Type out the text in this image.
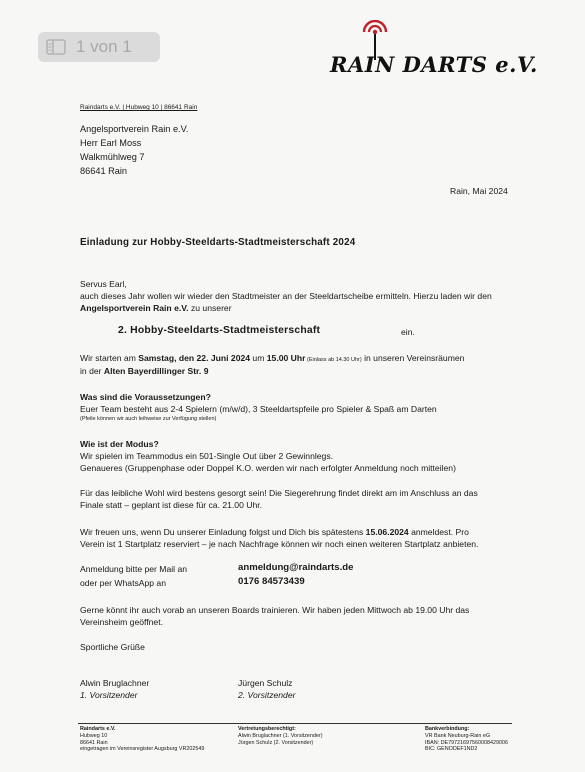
1 von 1
RAIN DARTS e.V.
Raindarts e.V. | Hubweg 10 | 86641 Rain
Angelsportverein Rain e.V.
Herr Earl Moss
Walkmühlweg 7
86641 Rain
Rain, Mai 2024
Einladung zur Hobby-Steeldarts-Stadtmeisterschaft 2024
Servus Earl,
auch dieses Jahr wollen wir wieder den Stadtmeister an der Steeldartscheibe ermitteln. Hierzu laden wir den
Angelsportverein Rain e.V. zu unserer
2. Hobby-Steeldarts-Stadtmeisterschaft	ein.
Wir starten am Samstag, den 22. Juni 2024 um 15.00 Uhr (Einlass ab 14.30 Uhr) in unseren Vereinsräumen
in der Alten Bayerdillinger Str. 9
Was sind die Voraussetzungen?
Euer Team besteht aus 2-4 Spielern (m/w/d), 3 Steeldartspfeile pro Spieler & Spaß am Darten
(Pfeile können wir auch leihweise zur Verfügung stellen)
Wie ist der Modus?
Wir spielen im Teammodus ein 501-Single Out über 2 Gewinnlegs.
Genaueres (Gruppenphase oder Doppel K.O. werden wir nach erfolgter Anmeldung noch mitteilen)
Für das leibliche Wohl wird bestens gesorgt sein! Die Siegerehrung findet direkt am im Anschluss an das
Finale statt – geplant ist diese für ca. 21.00 Uhr.
Wir freuen uns, wenn Du unserer Einladung folgst und Dich bis spätestens 15.06.2024 anmeldest. Pro
Verein ist 1 Startplatz reserviert – je nach Nachfrage können wir noch einen weiteren Startplatz anbieten.
Anmeldung bitte per Mail an	anmeldung@raindarts.de
oder per WhatsApp an	0176 84573439
Gerne könnt ihr auch vorab an unseren Boards trainieren. Wir haben jeden Mittwoch ab 19.00 Uhr das
Vereinsheim geöffnet.
Sportliche Grüße
Alwin Bruglachner
1. Vorsitzender
Jürgen Schulz
2. Vorsitzender
Raindarts e.V.
Hubweg 10
86641 Rain
eingetragen im Vereinsregister Augsburg VR202549
Vertretungsberechtigt:
Alwin Bruglachner (1. Vorsitzender)
Jürgen Schulz (2. Vorsitzender)
Bankverbindung:
VR Bank Neuburg-Rain eG
IBAN: DE79721697560008429006
BIC: GENODEF1ND2
